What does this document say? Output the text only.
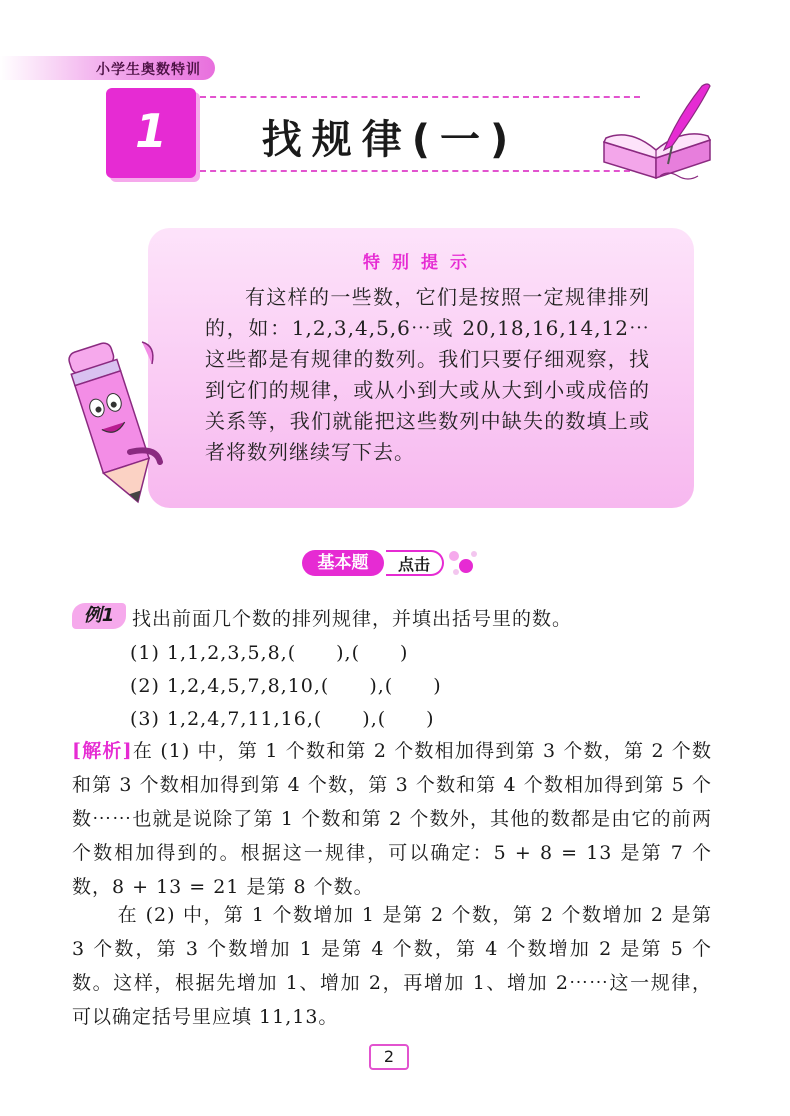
小学生奥数特训
1	找规律(一)
特别提示
有这样的一些数，它们是按照一定规律排列的，如：1,2,3,4,5,6⋯或 20,18,16,14,12⋯这些都是有规律的数列。我们只要仔细观察，找到它们的规律，或从小到大或从大到小或成倍的关系等，我们就能把这些数列中缺失的数填上或者将数列继续写下去。
基本题	点击
例1 找出前面几个数的排列规律，并填出括号里的数。
(1) 1,1,2,3,5,8,(　　),(　　)
(2) 1,2,4,5,7,8,10,(　　),(　　)
(3) 1,2,4,7,11,16,(　　),(　　)
[解析]在 (1) 中，第 1 个数和第 2 个数相加得到第 3 个数，第 2 个数和第 3 个数相加得到第 4 个数，第 3 个数和第 4 个数相加得到第 5 个数⋯⋯也就是说除了第 1 个数和第 2 个数外，其他的数都是由它的前两个数相加得到的。根据这一规律，可以确定：5 + 8 = 13 是第 7 个数，8 + 13 = 21 是第 8 个数。
在 (2) 中，第 1 个数增加 1 是第 2 个数，第 2 个数增加 2 是第 3 个数，第 3 个数增加 1 是第 4 个数，第 4 个数增加 2 是第 5 个数。这样，根据先增加 1、增加 2，再增加 1、增加 2⋯⋯这一规律，可以确定括号里应填 11,13。
2
